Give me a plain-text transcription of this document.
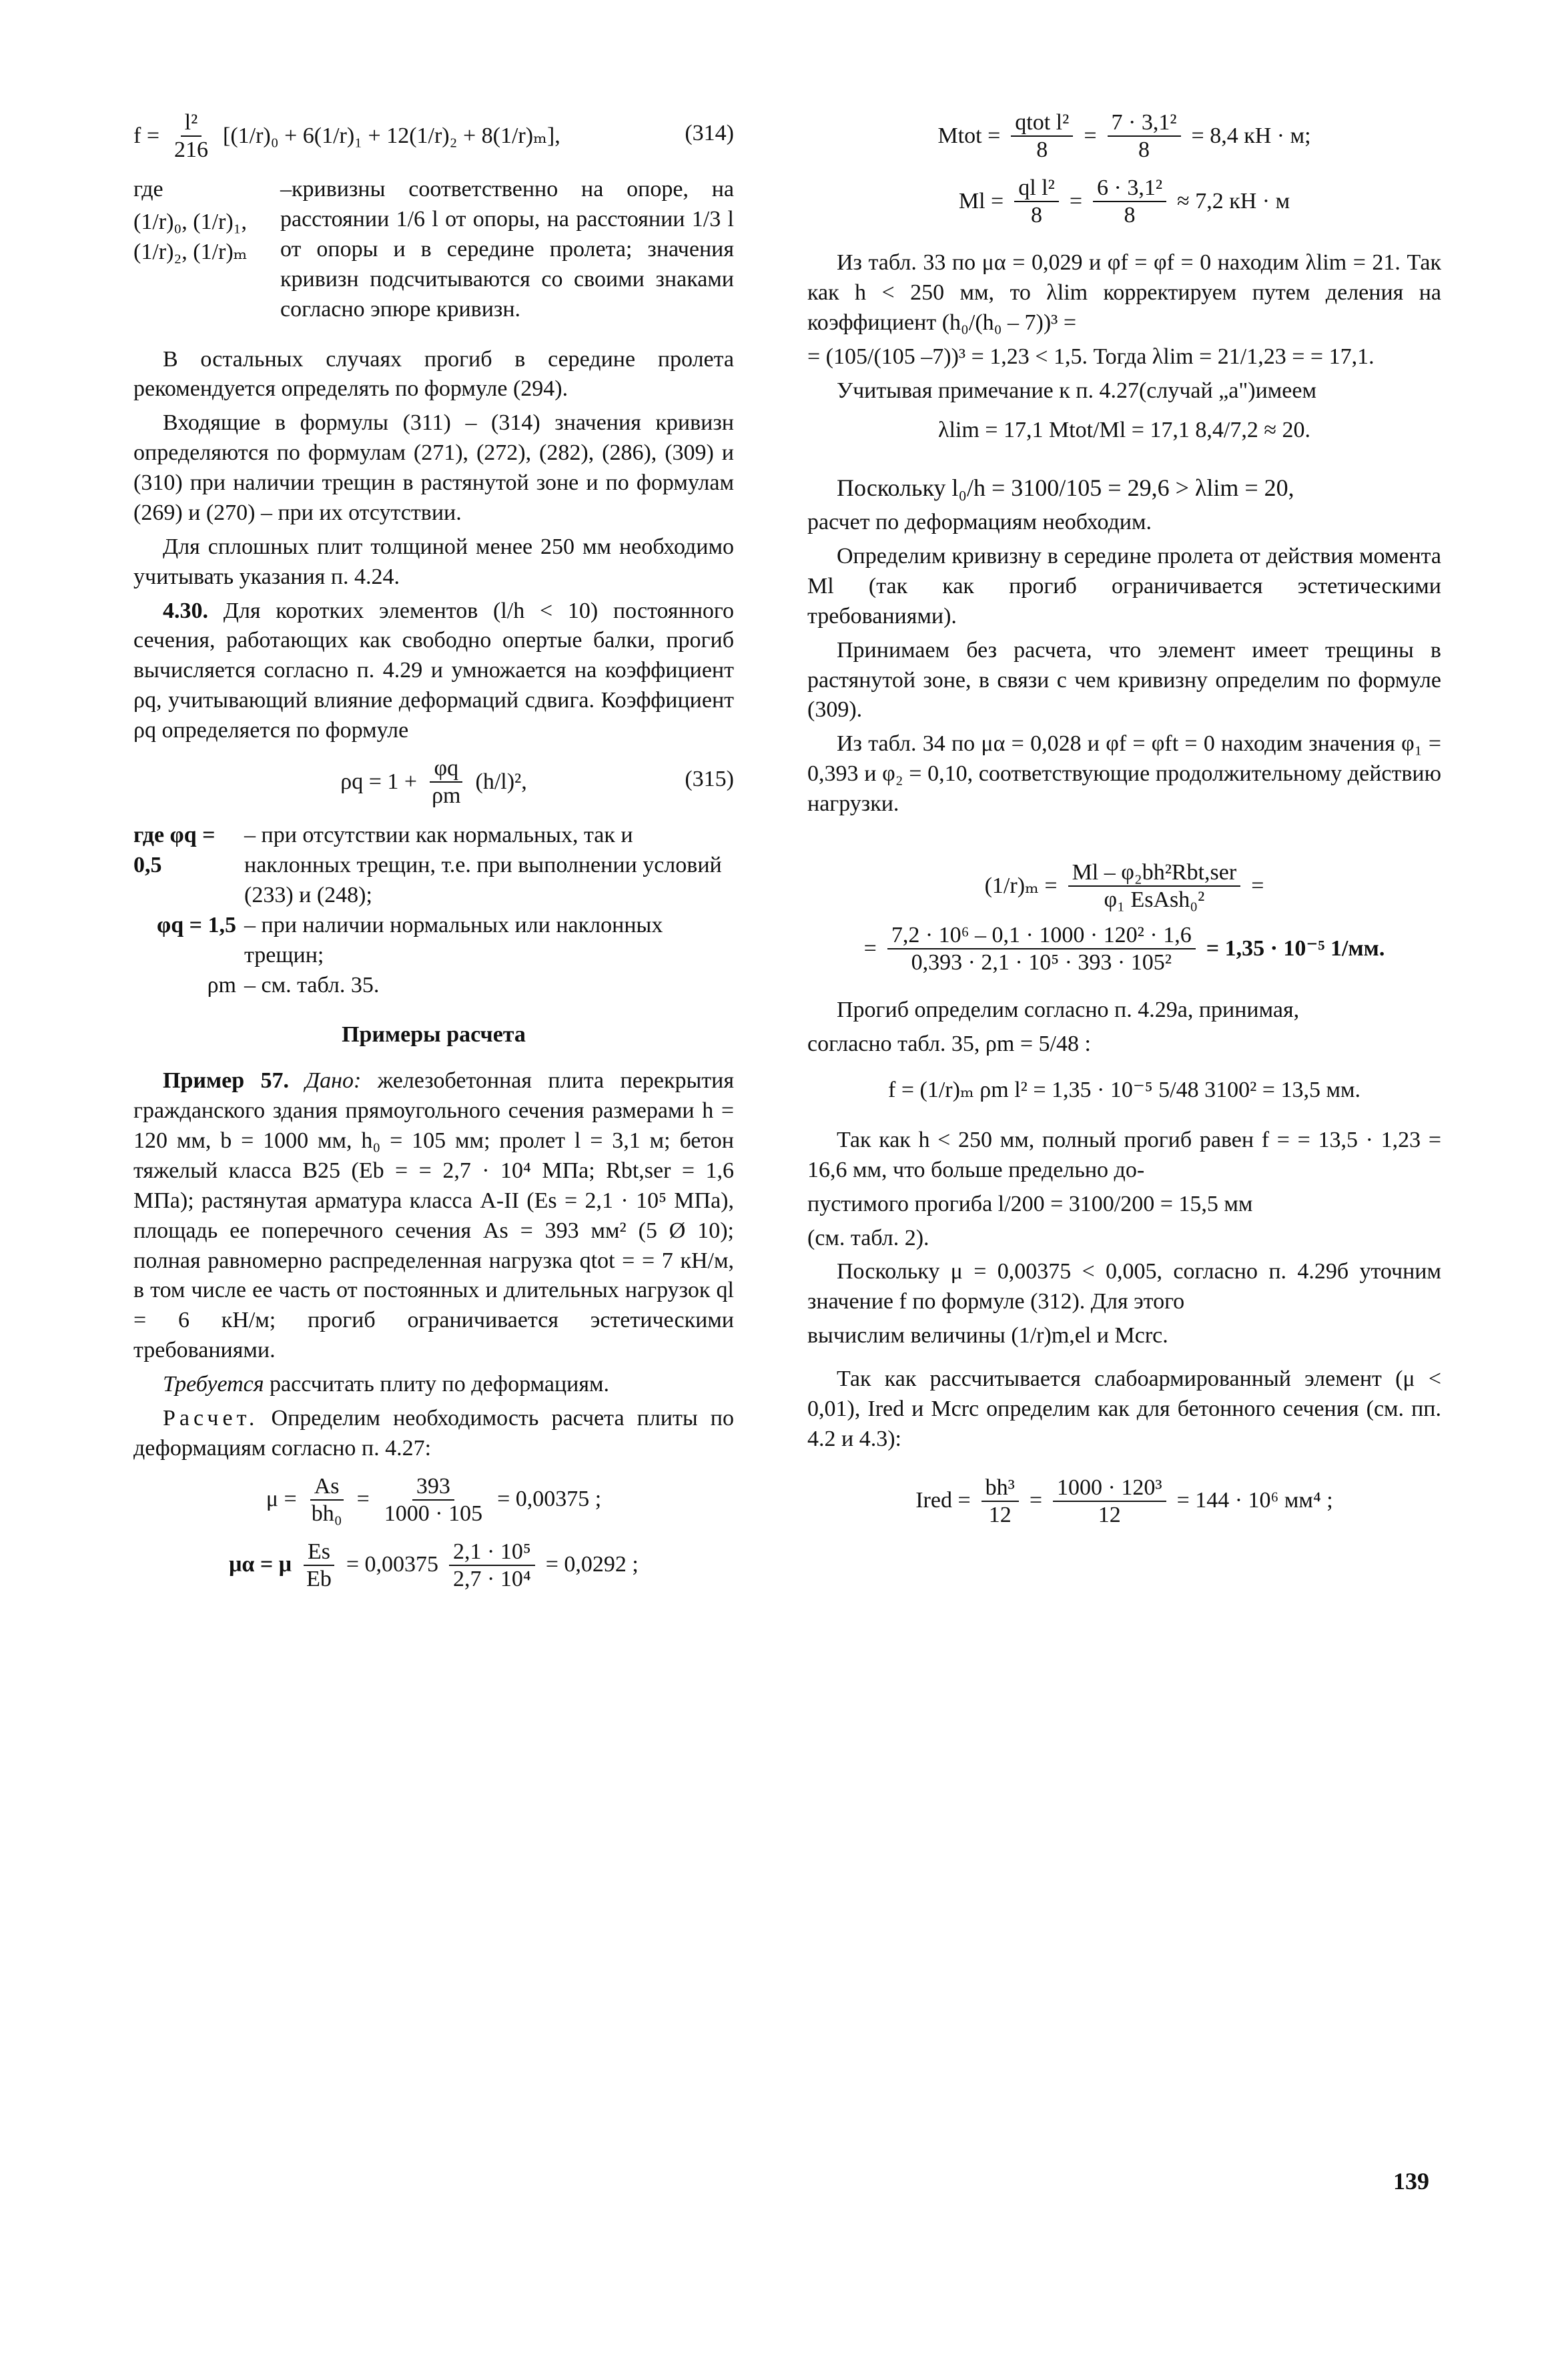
$f = \frac{\text{l²}}{216} [(1/r)_0 + 6(1/r)_1 + 12(1/r)_2 + 8(1/r)_m]$,	(314)
где
(1/r)₀, (1/r)₁,
(1/r)₂, (1/r)ₘ

–кривизны соответственно на опоре, на расстоянии 1/6 l от опоры, на расстоянии 1/3 l от опоры и в середине пролета; значения кривизн подсчитываются со своими знаками согласно эпюре кривизн.

В остальных случаях прогиб в середине пролета рекомендуется определять по формуле (294).

Входящие в формулы (311) – (314) значения кривизн определяются по формулам (271), (272), (282), (286), (309) и (310) при наличии трещин в растянутой зоне и по формулам (269) и (270) – при их отсутствии.

Для сплошных плит толщиной менее 250 мм необходимо учитывать указания п. 4.24.

4.30. Для коротких элементов (l/h < 10) постоянного сечения, работающих как свободно опертые балки, прогиб вычисляется согласно п. 4.29 и умножается на коэффициент ρq, учитывающий влияние деформаций сдвига. Коэффициент ρq определяется по формуле

$\rho q = 1 + \frac{\varphi q}{\rho m} (h/l)^2$,	(315)
где φq = 0,5
– при отсутствии как нормальных, так и наклонных трещин, т.е. при выполнении условий (233) и (248);
φq = 1,5 – при наличии нормальных или наклонных трещин;
ρm – см. табл. 35.
Примеры расчета

Пример 57. Дано: железобетонная плита перекрытия гражданского здания прямоугольного сечения размерами h = 120 мм, b = 1000 мм, h₀ = 105 мм; пролет l = 3,1 м; бетон тяжелый класса В25 (Eb = = 2,7 · 10⁴ МПа; Rbt,ser = 1,6 МПа); растянутая арматура класса А-II (Es = 2,1 · 10⁵ МПа), площадь ее поперечного сечения As = 393 мм² (5 Ø 10); полная равномерно распределенная нагрузка qtot = = 7 кН/м, в том числе ее часть от постоянных и длительных нагрузок ql = 6 кН/м; прогиб ограничивается эстетическими требованиями.

Требуется рассчитать плиту по деформациям.

Расчет. Определим необходимость расчета плиты по деформациям согласно п. 4.27:

$\mu = \frac{As}{\text{bh₀}} = \frac{393}{1000 \cdot 105} = 0,00375$ ;
μα = μ $\frac{Es}{Eb} = 0,00375 \frac{\text{2,1 · 10⁵}}{\text{2,7 · 10⁴}} = 0,0292$ ;
Mtot = $\frac{\text{qtot l²}}{8} = \frac{\text{7 · 3,1²}}{8} = 8,4$ кН · м;
$Ml = \frac{\text{ql l²}}{8} = \frac{\text{6 · 3,1²}}{8} \approx 7,2$ кН · м

Из табл. 33 по μα = 0,029 и φf = φf = 0 находим λlim = 21. Так как h < 250 мм, то λlim корректируем путем деления на коэффициент (h₀/(h₀ – 7))³ =

= (105/(105 –7))³ = 1,23 < 1,5. Тогда λlim = 21/1,23 = = 17,1.

Учитывая примечание к п. 4.27(случай „а")имеем

λlim = 17,1 Mtot/Ml = 17,1 8,4/7,2 ≈ 20.

Поскольку l₀/h = 3100/105 = 29,6 > λlim = 20,

расчет по деформациям необходим.

Определим кривизну в середине пролета от действия момента Ml (так как прогиб ограничивается эстетическими требованиями).

Принимаем без расчета, что элемент имеет трещины в растянутой зоне, в связи с чем кривизну определим по формуле (309).

Из табл. 34 по μα = 0,028 и φf = φft = 0 находим значения φ₁ = 0,393 и φ₂ = 0,10, соответствующие продолжительному действию нагрузки.

$(1/r)_m = \frac{\text{Ml – φ₂bh²Rbt,ser}}{\text{φ₁ EsAsh₀²}}$ =
= $\frac{\text{7,2 · 10⁶ – 0,1 · 1000 · 120² · 1,6}}{\text{0,393 · 2,1 · 10⁵ · 393 · 105²}} = 1,35 \cdot 10^{-5}$ 1/мм.

Прогиб определим согласно п. 4.29а, принимая,

согласно табл. 35, ρm = 5/48 :

f = (1/r)ₘ ρm l² = 1,35 · 10⁻⁵ 5/48 3100² = 13,5 мм.

Так как h < 250 мм, полный прогиб равен f = = 13,5 · 1,23 = 16,6 мм, что больше предельно до-

пустимого прогиба l/200 = 3100/200 = 15,5 мм

(см. табл. 2).

Поскольку μ = 0,00375 < 0,005, согласно п. 4.29б уточним значение f по формуле (312). Для этого

вычислим величины (1/r)m,el и Mcrc.

Так как рассчитывается слабоармированный элемент (μ < 0,01), Ired и Mcrc определим как для бетонного сечения (см. пп. 4.2 и 4.3):

Ired = $\frac{\text{bh³}}{12} = \frac{\text{1000 · 120³}}{12} = 144 \cdot 10^6$ мм⁴ ;
139
